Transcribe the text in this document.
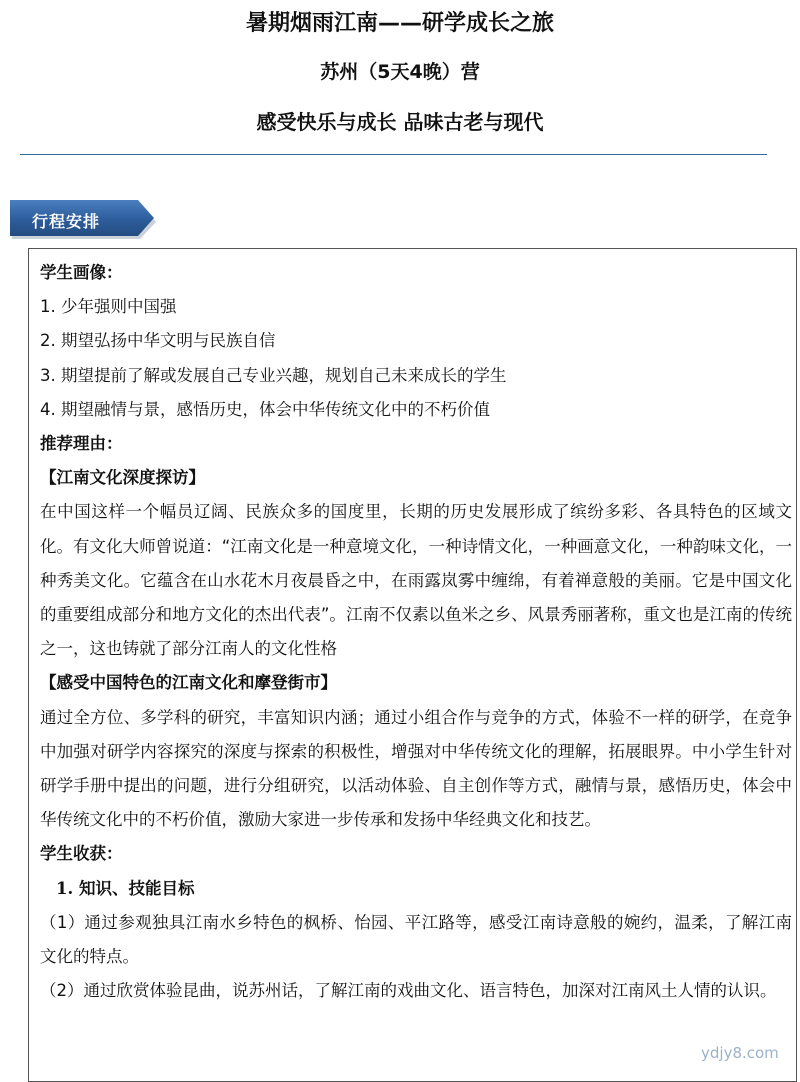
暑期烟雨江南——研学成长之旅
苏州（5天4晚）营
感受快乐与成长 品味古老与现代
行程安排
学生画像：
1. 少年强则中国强
2. 期望弘扬中华文明与民族自信
3. 期望提前了解或发展自己专业兴趣，规划自己未来成长的学生
4. 期望融情与景，感悟历史，体会中华传统文化中的不朽价值
推荐理由：
【江南文化深度探访】
在中国这样一个幅员辽阔、民族众多的国度里，长期的历史发展形成了缤纷多彩、各具特色的区域文化。有文化大师曾说道：“江南文化是一种意境文化，一种诗情文化，一种画意文化，一种韵味文化，一种秀美文化。它蕴含在山水花木月夜晨昏之中，在雨露岚雾中缠绵，有着禅意般的美丽。它是中国文化的重要组成部分和地方文化的杰出代表”。江南不仅素以鱼米之乡、风景秀丽著称，重文也是江南的传统之一，这也铸就了部分江南人的文化性格
【感受中国特色的江南文化和摩登街市】
通过全方位、多学科的研究，丰富知识内涵；通过小组合作与竞争的方式，体验不一样的研学，在竞争中加强对研学内容探究的深度与探索的积极性，增强对中华传统文化的理解，拓展眼界。中小学生针对研学手册中提出的问题，进行分组研究，以活动体验、自主创作等方式，融情与景，感悟历史，体会中华传统文化中的不朽价值，激励大家进一步传承和发扬中华经典文化和技艺。
学生收获：
1. 知识、技能目标
（1）通过参观独具江南水乡特色的枫桥、怡园、平江路等，感受江南诗意般的婉约，温柔，了解江南文化的特点。
（2）通过欣赏体验昆曲，说苏州话，了解江南的戏曲文化、语言特色，加深对江南风土人情的认识。
ydjy8.com
